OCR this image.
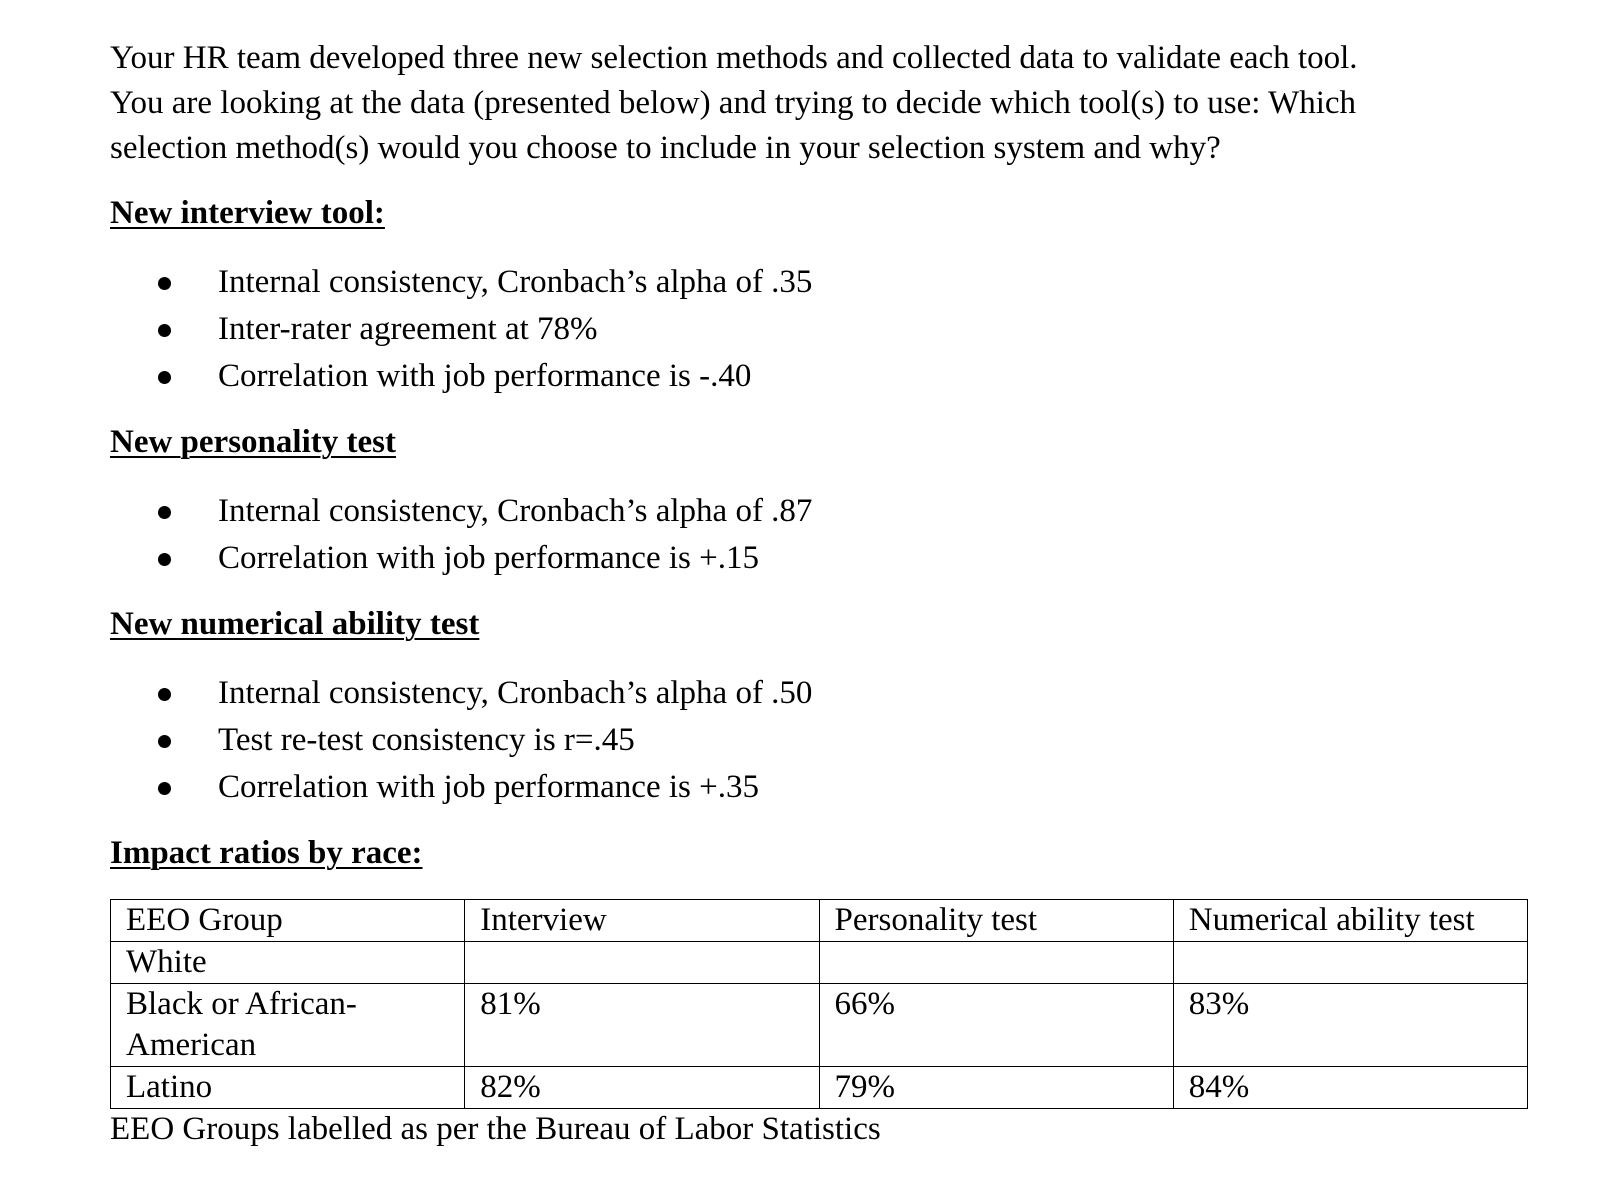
Your HR team developed three new selection methods and collected data to validate each tool.
You are looking at the data (presented below) and trying to decide which tool(s) to use: Which
selection method(s) would you choose to include in your selection system and why?

New interview tool:

Internal consistency, Cronbach’s alpha of .35
Inter-rater agreement at 78%
Correlation with job performance is -.40

New personality test

Internal consistency, Cronbach’s alpha of .87
Correlation with job performance is +.15

New numerical ability test

Internal consistency, Cronbach’s alpha of .50
Test re-test consistency is r=.45
Correlation with job performance is +.35

Impact ratios by race:

EEO Group	Interview	Personality test	Numerical ability test
White			
Black or African-
American	81%	66%	83%
Latino	82%	79%	84%

EEO Groups labelled as per the Bureau of Labor Statistics
